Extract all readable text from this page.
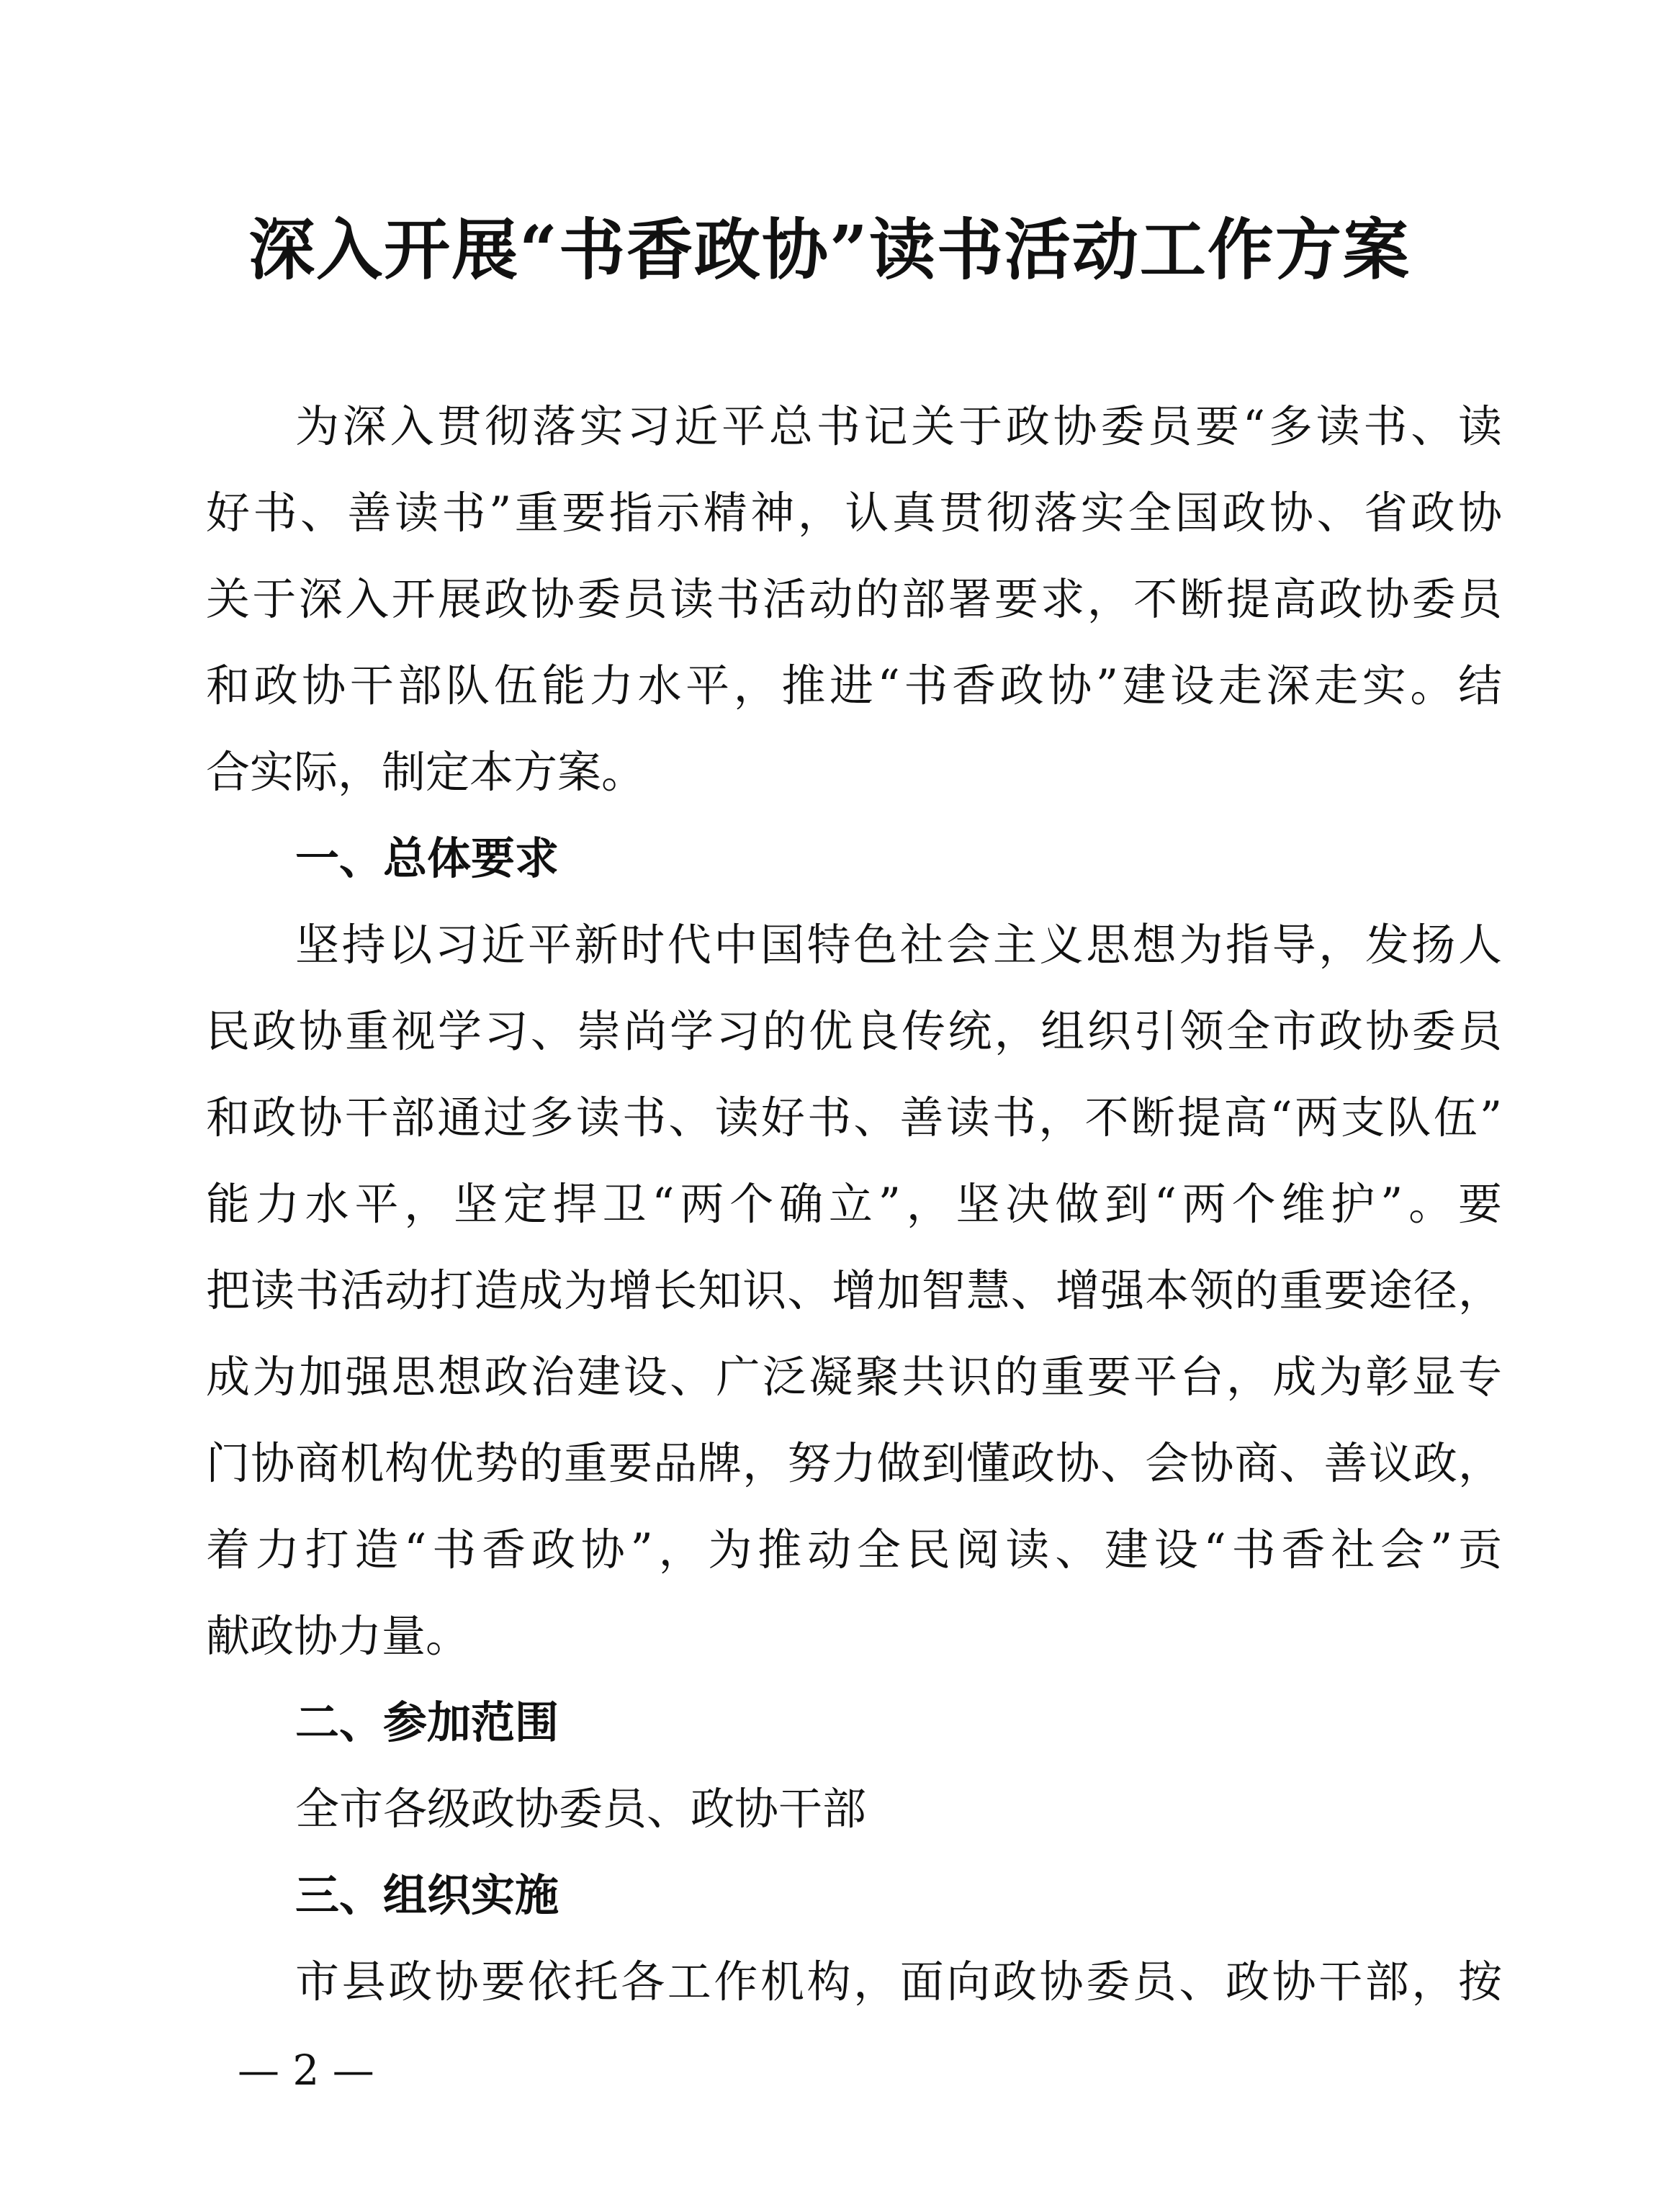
深入开展“书香政协”读书活动工作方案
为深入贯彻落实习近平总书记关于政协委员要“多读书、读
好书、善读书”重要指示精神，认真贯彻落实全国政协、省政协
关于深入开展政协委员读书活动的部署要求，不断提高政协委员
和政协干部队伍能力水平，推进“书香政协”建设走深走实。结
合实际，制定本方案。
一、总体要求
坚持以习近平新时代中国特色社会主义思想为指导，发扬人
民政协重视学习、崇尚学习的优良传统，组织引领全市政协委员
和政协干部通过多读书、读好书、善读书，不断提高“两支队伍”
能力水平，坚定捍卫“两个确立”，坚决做到“两个维护”。要
把读书活动打造成为增长知识、增加智慧、增强本领的重要途径，
成为加强思想政治建设、广泛凝聚共识的重要平台，成为彰显专
门协商机构优势的重要品牌，努力做到懂政协、会协商、善议政，
着力打造“书香政协”，为推动全民阅读、建设“书香社会”贡
献政协力量。
二、参加范围
全市各级政协委员、政协干部
三、组织实施
市县政协要依托各工作机构，面向政协委员、政协干部，按
— 2 —
